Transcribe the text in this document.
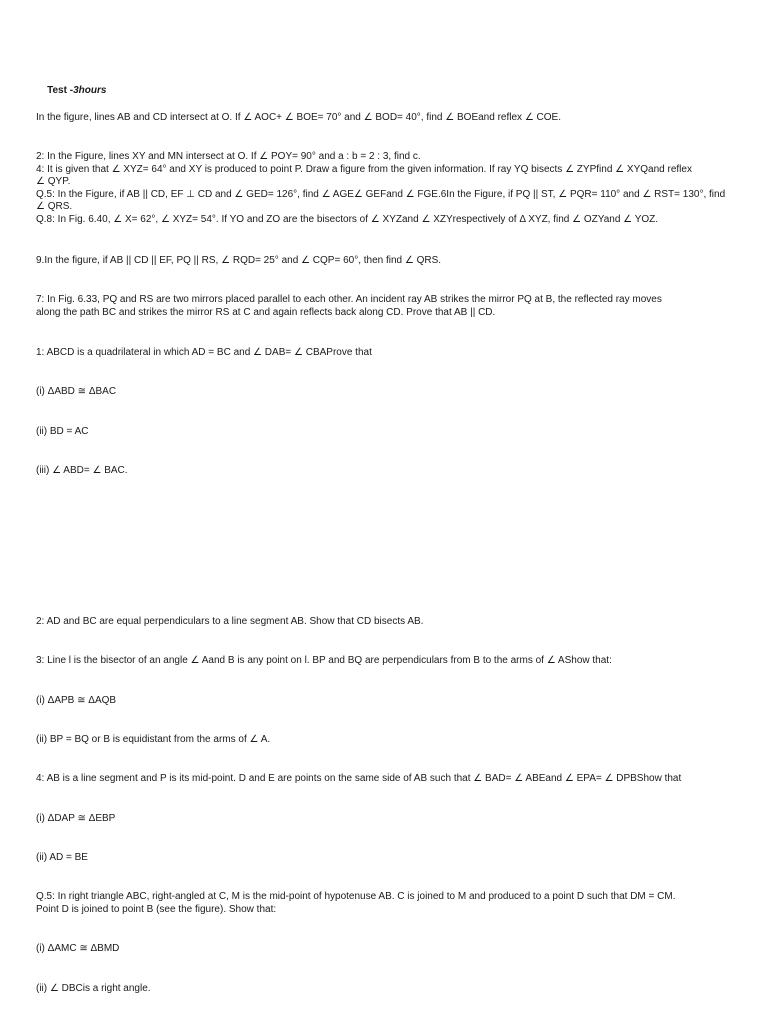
Test -3hours

In the figure, lines AB and CD intersect at O. If ∠ AOC+ ∠ BOE= 70° and ∠ BOD= 40°, find ∠ BOEand reflex ∠ COE.
2: In the Figure, lines XY and MN intersect at O. If ∠ POY= 90° and a : b = 2 : 3, find c.
4: It is given that ∠ XYZ= 64° and XY is produced to point P. Draw a figure from the given information. If ray YQ bisects ∠ ZYPfind ∠ XYQand reflex
∠ QYP.
Q.5: In the Figure, if AB || CD, EF ⊥ CD and ∠ GED= 126°, find ∠ AGE∠ GEFand ∠ FGE.6In the Figure, if PQ || ST, ∠ PQR= 110° and ∠ RST= 130°, find
∠ QRS.
Q.8: In Fig. 6.40, ∠ X= 62°, ∠ XYZ= 54°. If YO and ZO are the bisectors of ∠ XYZand ∠ XZYrespectively of Δ XYZ, find ∠ OZYand ∠ YOZ.
9.In the figure, if AB || CD || EF, PQ || RS, ∠ RQD= 25° and ∠ CQP= 60°, then find ∠ QRS.
7: In Fig. 6.33, PQ and RS are two mirrors placed parallel to each other. An incident ray AB strikes the mirror PQ at B, the reflected ray moves
along the path BC and strikes the mirror RS at C and again reflects back along CD. Prove that AB || CD.
1: ABCD is a quadrilateral in which AD = BC and ∠ DAB= ∠ CBAProve that
(i) ΔABD ≅ ΔBAC
(ii) BD = AC
(iii) ∠ ABD= ∠ BAC.
2: AD and BC are equal perpendiculars to a line segment AB. Show that CD bisects AB.
3: Line l is the bisector of an angle ∠ Aand B is any point on l. BP and BQ are perpendiculars from B to the arms of ∠ AShow that:
(i) ΔAPB ≅ ΔAQB
(ii) BP = BQ or B is equidistant from the arms of ∠ A.
4: AB is a line segment and P is its mid-point. D and E are points on the same side of AB such that ∠ BAD= ∠ ABEand ∠ EPA= ∠ DPBShow that
(i) ΔDAP ≅ ΔEBP
(ii) AD = BE
Q.5: In right triangle ABC, right-angled at C, M is the mid-point of hypotenuse AB. C is joined to M and produced to a point D such that DM = CM.
Point D is joined to point B (see the figure). Show that:
(i) ΔAMC ≅ ΔBMD
(ii) ∠ DBCis a right angle.
